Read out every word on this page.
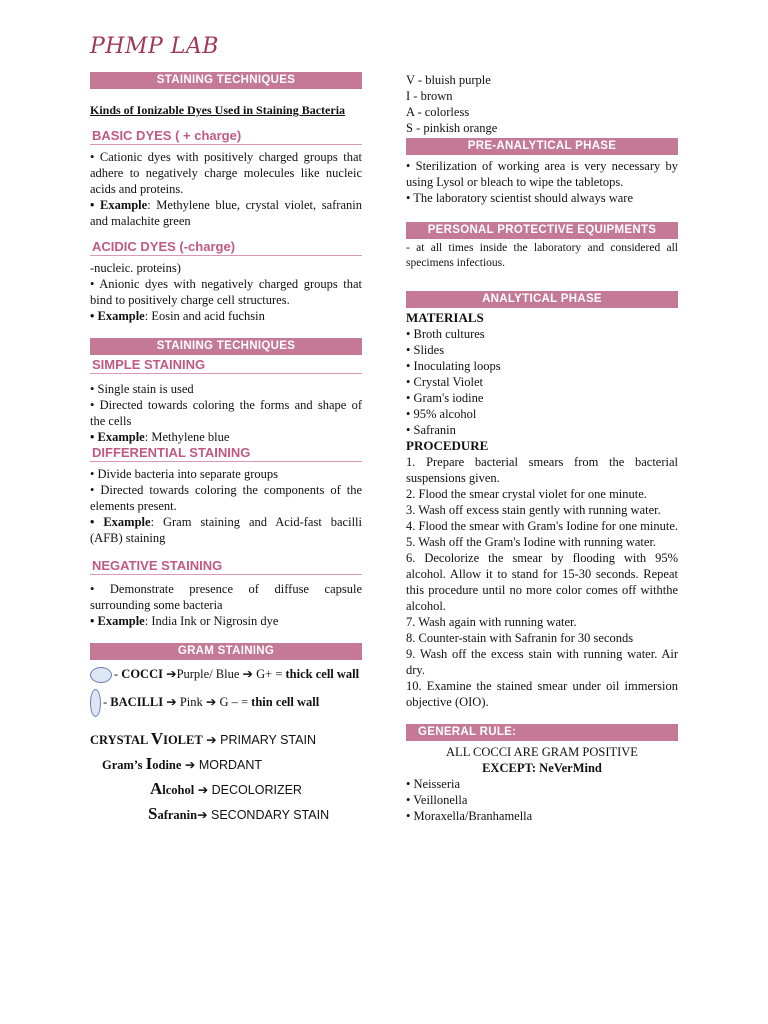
PHMP LAB
STAINING TECHNIQUES
Kinds of Ionizable Dyes Used in Staining Bacteria
BASIC DYES ( + charge)

• Cationic dyes with positively charged groups that adhere to negatively charge molecules like nucleic acids and proteins.

• Example: Methylene blue, crystal violet, safranin and malachite green

ACIDIC DYES (-charge)

-nucleic. proteins)

• Anionic dyes with negatively charged groups that bind to positively charge cell structures.

• Example: Eosin and acid fuchsin

STAINING TECHNIQUES
SIMPLE STAINING

• Single stain is used

• Directed towards coloring the forms and shape of the cells

• Example: Methylene blue

DIFFERENTIAL STAINING

• Divide bacteria into separate groups

• Directed towards coloring the components of the elements present.

• Example: Gram staining and Acid-fast bacilli (AFB) staining

NEGATIVE STAINING

• Demonstrate presence of diffuse capsule surrounding some bacteria

• Example: India Ink or Nigrosin dye

GRAM STAINING
- COCCI ➔Purple/ Blue ➔ G+ = thick cell wall
- BACILLI ➔ Pink ➔ G – = thin cell wall
CRYSTAL VIOLET ➔ PRIMARY STAIN
Gram’s Iodine ➔ MORDANT
Alcohol ➔ DECOLORIZER
Safranin➔ SECONDARY STAIN

V - bluish purple

I - brown

A - colorless

S - pinkish orange

PRE-ANALYTICAL PHASE

• Sterilization of working area is very necessary by using Lysol or bleach to wipe the tabletops.

• The laboratory scientist should always ware

PERSONAL PROTECTIVE EQUIPMENTS

- at all times inside the laboratory and considered all specimens infectious.

ANALYTICAL PHASE
MATERIALS

• Broth cultures

• Slides

• Inoculating loops

• Crystal Violet

• Gram's iodine

• 95% alcohol

• Safranin

PROCEDURE

1. Prepare bacterial smears from the bacterial suspensions given.

2. Flood the smear crystal violet for one minute.

3. Wash off excess stain gently with running water.

4. Flood the smear with Gram's Iodine for one minute.

5. Wash off the Gram's Iodine with running water.

6. Decolorize the smear by flooding with 95% alcohol. Allow it to stand for 15-30 seconds. Repeat this procedure until no more color comes off withthe alcohol.

7. Wash again with running water.

8. Counter-stain with Safranin for 30 seconds

9. Wash off the excess stain with running water. Air dry.

10. Examine the stained smear under oil immersion objective (OIO).

GENERAL RULE:
ALL COCCI ARE GRAM POSITIVE
EXCEPT: NeVerMind

• Neisseria

• Veillonella

• Moraxella/Branhamella
